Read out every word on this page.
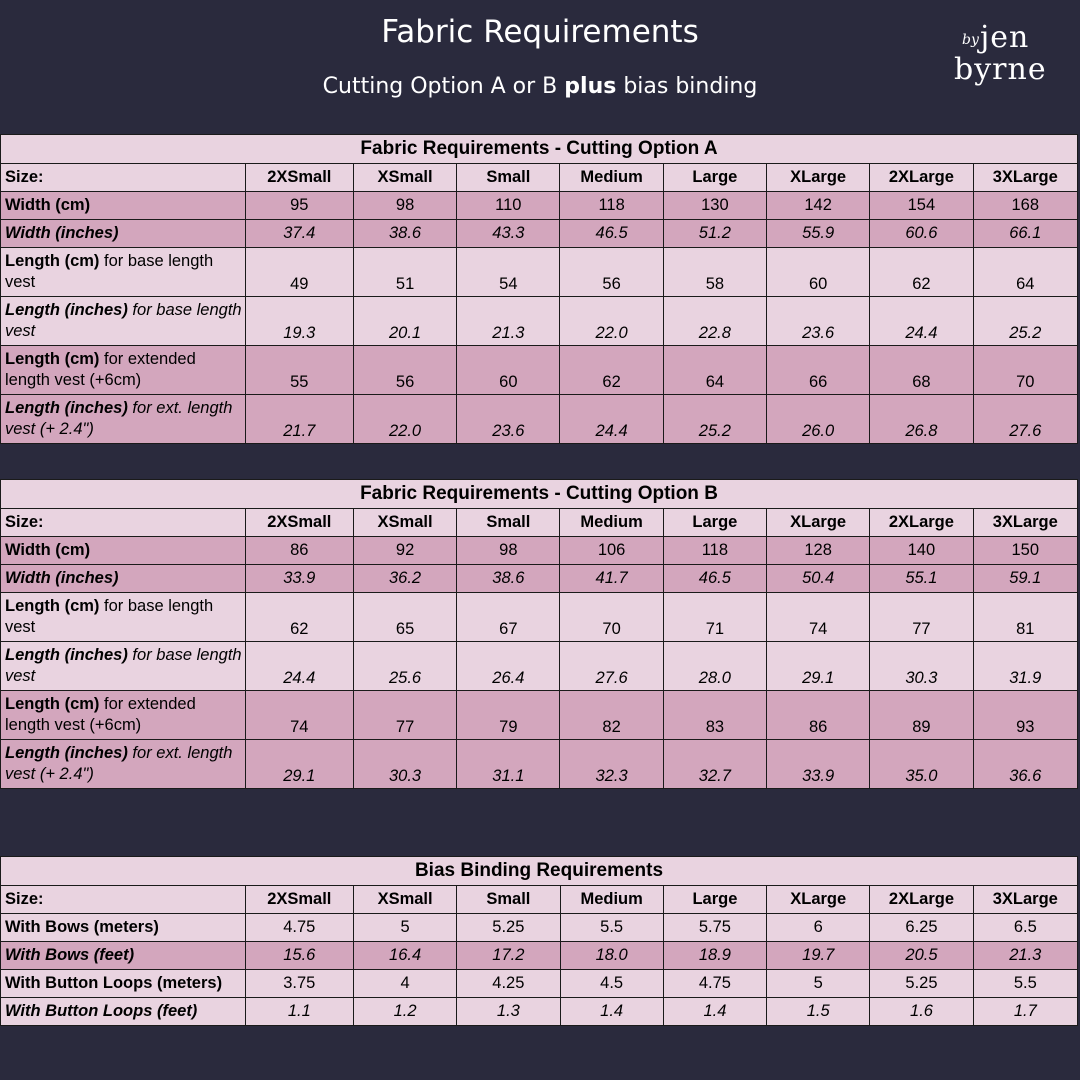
Fabric Requirements
Cutting Option A or B plus bias binding
by jen
byrne
Fabric Requirements - Cutting Option A								
Size:	2XSmall	XSmall	Small	Medium	Large	XLarge	2XLarge	3XLarge
Width (cm)	95	98	110	118	130	142	154	168
Width (inches)	37.4	38.6	43.3	46.5	51.2	55.9	60.6	66.1
Length (cm) for base length vest	49	51	54	56	58	60	62	64
Length (inches) for base length vest	19.3	20.1	21.3	22.0	22.8	23.6	24.4	25.2
Length (cm) for extended length vest (+6cm)	55	56	60	62	64	66	68	70
Length (inches) for ext. length vest (+ 2.4")	21.7	22.0	23.6	24.4	25.2	26.0	26.8	27.6
Fabric Requirements - Cutting Option B								
Size:	2XSmall	XSmall	Small	Medium	Large	XLarge	2XLarge	3XLarge
Width (cm)	86	92	98	106	118	128	140	150
Width (inches)	33.9	36.2	38.6	41.7	46.5	50.4	55.1	59.1
Length (cm) for base length vest	62	65	67	70	71	74	77	81
Length (inches) for base length vest	24.4	25.6	26.4	27.6	28.0	29.1	30.3	31.9
Length (cm) for extended length vest (+6cm)	74	77	79	82	83	86	89	93
Length (inches) for ext. length vest (+ 2.4")	29.1	30.3	31.1	32.3	32.7	33.9	35.0	36.6
Bias Binding Requirements								
Size:	2XSmall	XSmall	Small	Medium	Large	XLarge	2XLarge	3XLarge
With Bows (meters)	4.75	5	5.25	5.5	5.75	6	6.25	6.5
With Bows (feet)	15.6	16.4	17.2	18.0	18.9	19.7	20.5	21.3
With Button Loops (meters)	3.75	4	4.25	4.5	4.75	5	5.25	5.5
With Button Loops (feet)	1.1	1.2	1.3	1.4	1.4	1.5	1.6	1.7
